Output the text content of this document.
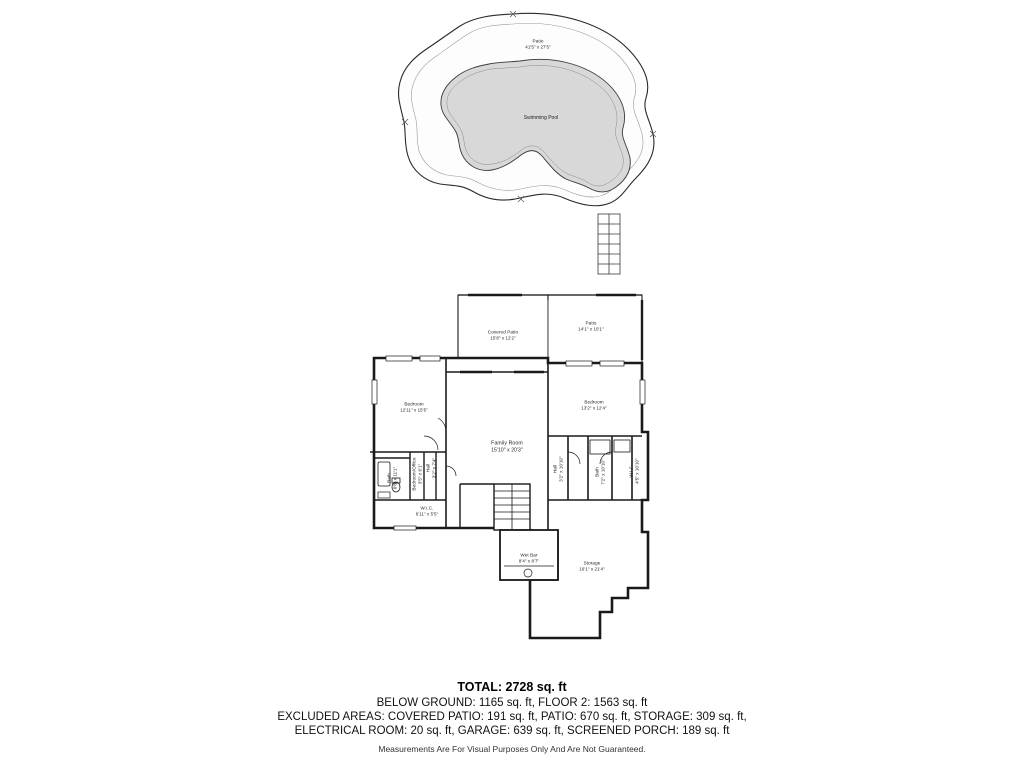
Patio
41'5" x 27'5"
Swimming Pool
Covered Patio
15'8" x 12'2"
Patio
14'1" x 10'1"
Bedroom
12'11" x 15'5"
Bedroom
13'2" x 12'4"
Family Room
15'10" x 20'3"
Bath 8'8" x 11'1"	Bedroom/Office 3'5" x 6'1" Hall 3'2" x 7'4"
W.I.C.
6'11" x 5'5"
Hall 3'2" x 10'10"	Bath 7'2" x 10'10"	W.I.C. 4'5" x 10'10"
Wet Bar
8'4" x 8'7"	Storage
16'1" x 21'4"
TOTAL: 2728 sq. ft
BELOW GROUND: 1165 sq. ft, FLOOR 2: 1563 sq. ft
EXCLUDED AREAS: COVERED PATIO: 191 sq. ft, PATIO: 670 sq. ft, STORAGE: 309 sq. ft,
ELECTRICAL ROOM: 20 sq. ft, GARAGE: 639 sq. ft, SCREENED PORCH: 189 sq. ft
Measurements Are For Visual Purposes Only And Are Not Guaranteed.
